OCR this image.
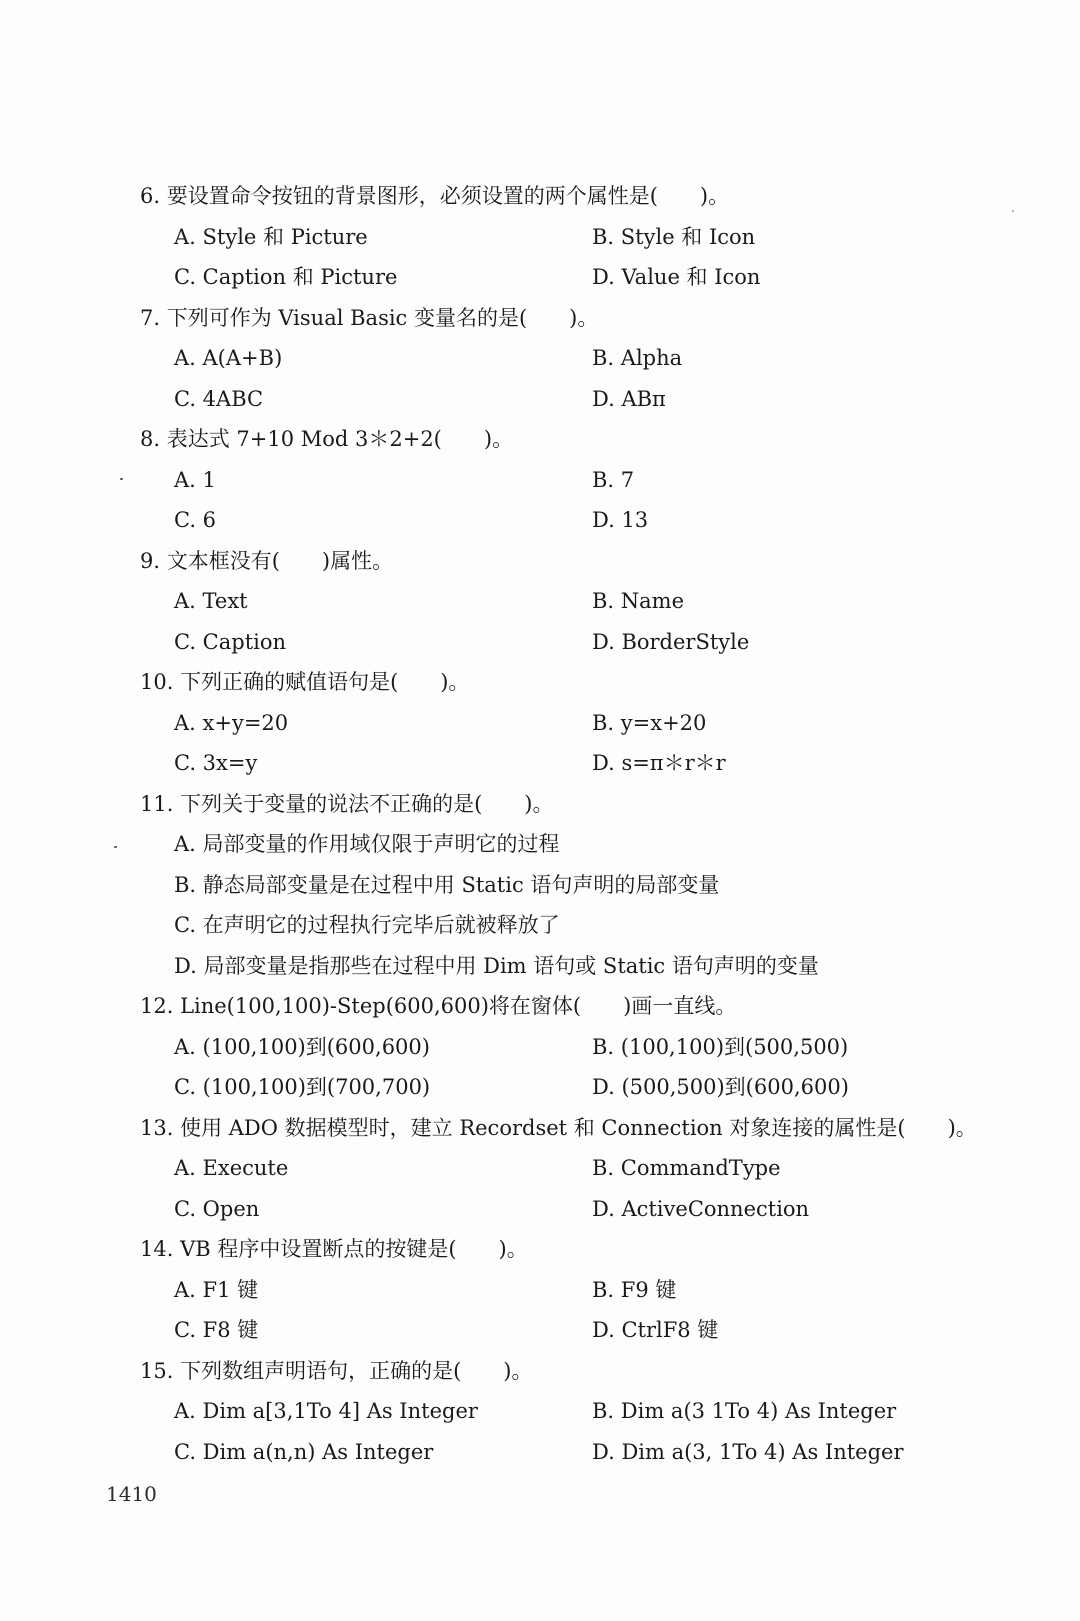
6. 要设置命令按钮的背景图形，必须设置的两个属性是(　　)。
A. Style 和 Picture	B. Style 和 Icon
C. Caption 和 Picture	D. Value 和 Icon
7. 下列可作为 Visual Basic 变量名的是(　　)。
A. A(A+B)	B. Alpha
C. 4ABC	D. ABπ
8. 表达式 7+10 Mod 3＊2+2(　　)。
A. 1	B. 7
C. 6	D. 13
9. 文本框没有(　　)属性。
A. Text	B. Name
C. Caption	D. BorderStyle
10. 下列正确的赋值语句是(　　)。
A. x+y=20	B. y=x+20
C. 3x=y	D. s=π＊r＊r
11. 下列关于变量的说法不正确的是(　　)。
A. 局部变量的作用域仅限于声明它的过程
B. 静态局部变量是在过程中用 Static 语句声明的局部变量
C. 在声明它的过程执行完毕后就被释放了
D. 局部变量是指那些在过程中用 Dim 语句或 Static 语句声明的变量
12. Line(100,100)-Step(600,600)将在窗体(　　)画一直线。
A. (100,100)到(600,600)	B. (100,100)到(500,500)
C. (100,100)到(700,700)	D. (500,500)到(600,600)
13. 使用 ADO 数据模型时，建立 Recordset 和 Connection 对象连接的属性是(　　)。
A. Execute	B. CommandType
C. Open	D. ActiveConnection
14. VB 程序中设置断点的按键是(　　)。
A. F1 键	B. F9 键
C. F8 键	D. CtrlF8 键
15. 下列数组声明语句，正确的是(　　)。
A. Dim a[3,1To 4] As Integer	B. Dim a(3 1To 4) As Integer
C. Dim a(n,n) As Integer	D. Dim a(3, 1To 4) As Integer
1410
